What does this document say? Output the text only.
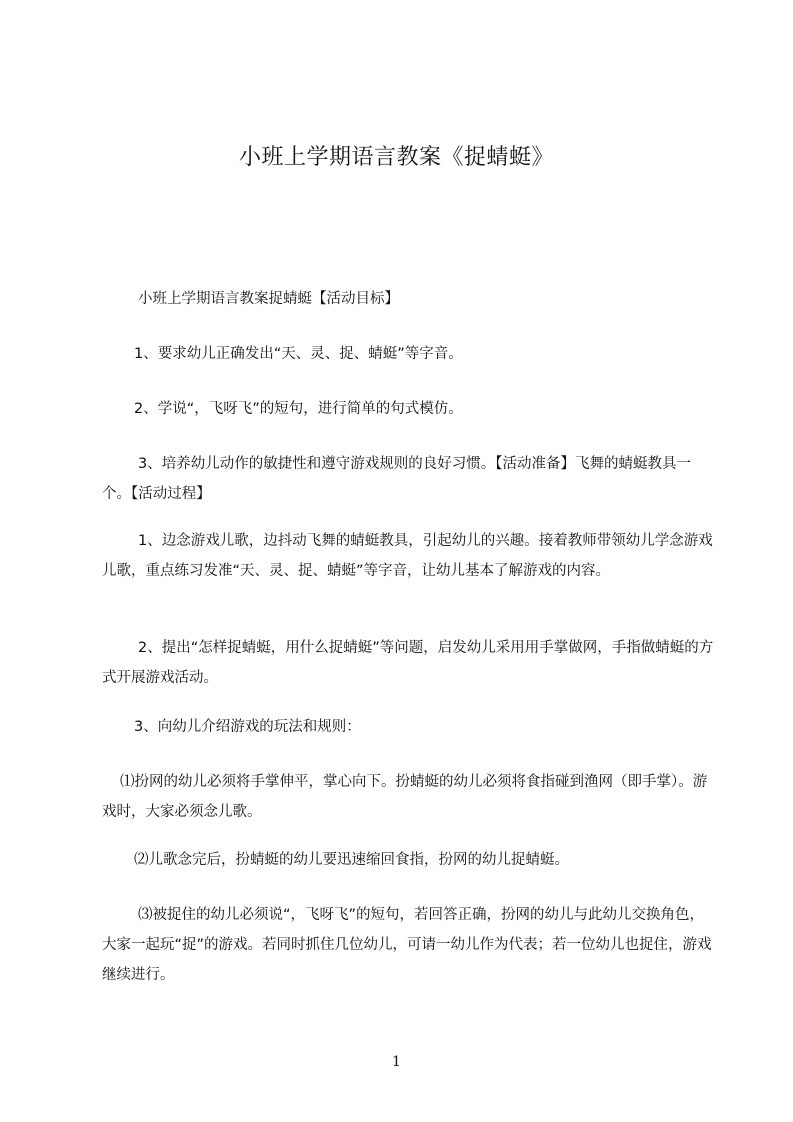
小班上学期语言教案《捉蜻蜓》
小班上学期语言教案捉蜻蜓【活动目标】
1、要求幼儿正确发出“天、灵、捉、蜻蜓”等字音。
2、学说“，飞呀飞”的短句，进行简单的句式模仿。
3、培养幼儿动作的敏捷性和遵守游戏规则的良好习惯。【活动准备】飞舞的蜻蜓教具一个。【活动过程】
1、边念游戏儿歌，边抖动飞舞的蜻蜓教具，引起幼儿的兴趣。接着教师带领幼儿学念游戏儿歌，重点练习发准“天、灵、捉、蜻蜓”等字音，让幼儿基本了解游戏的内容。
2、提出“怎样捉蜻蜓，用什么捉蜻蜓”等问题，启发幼儿采用用手掌做网，手指做蜻蜓的方式开展游戏活动。
3、向幼儿介绍游戏的玩法和规则：
⑴扮网的幼儿必须将手掌伸平，掌心向下。扮蜻蜓的幼儿必须将食指碰到渔网（即手掌）。游戏时，大家必须念儿歌。
⑵儿歌念完后，扮蜻蜓的幼儿要迅速缩回食指，扮网的幼儿捉蜻蜓。
⑶被捉住的幼儿必须说“，飞呀飞”的短句，若回答正确，扮网的幼儿与此幼儿交换角色，大家一起玩“捉”的游戏。若同时抓住几位幼儿，可请一幼儿作为代表；若一位幼儿也捉住，游戏继续进行。
1
